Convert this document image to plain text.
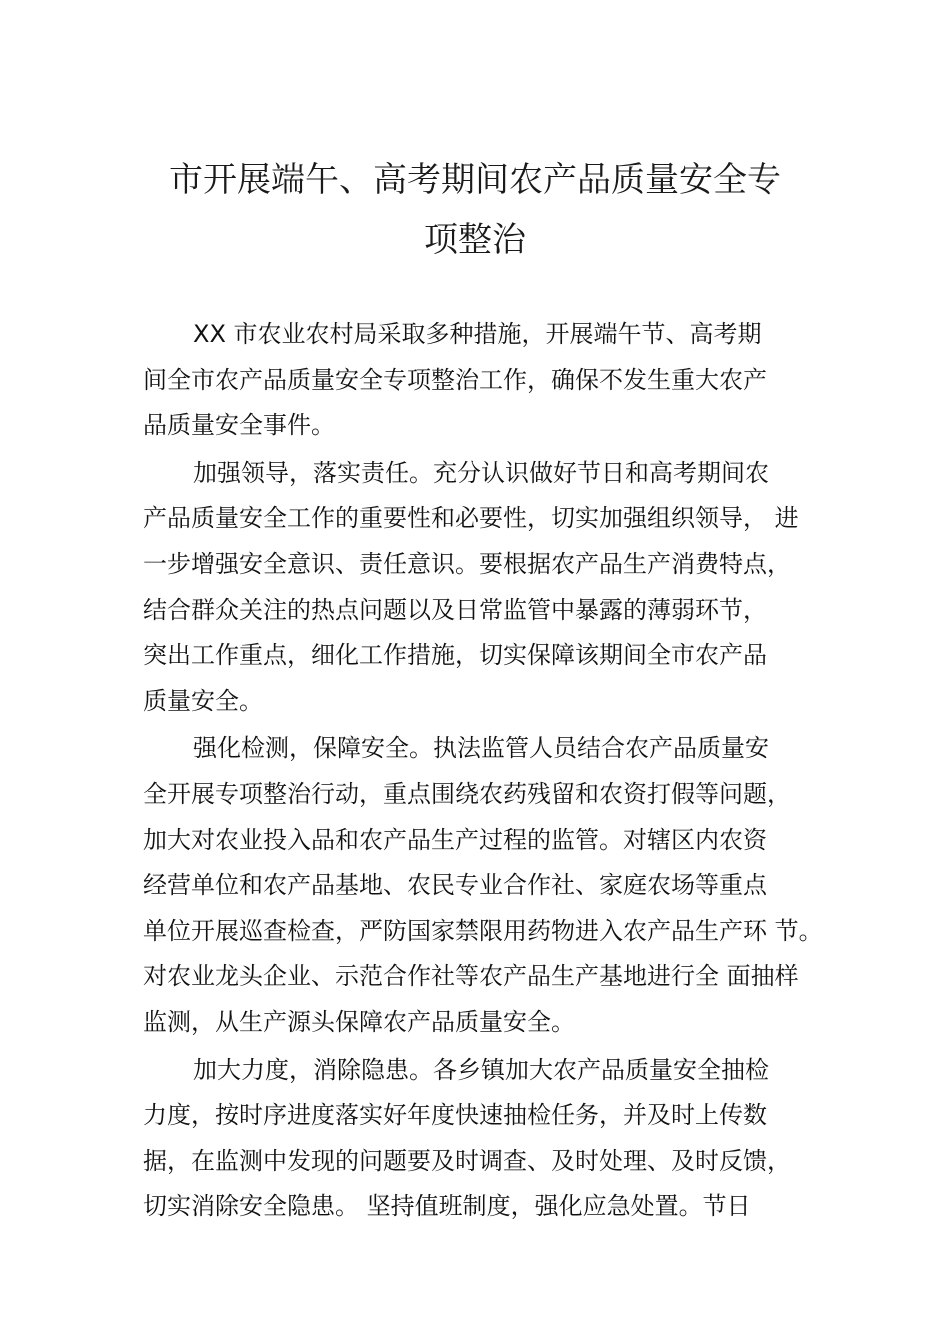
市开展端午、高考期间农产品质量安全专
项整治
XX 市农业农村局采取多种措施，开展端午节、高考期
间全市农产品质量安全专项整治工作，确保不发生重大农产
品质量安全事件。
加强领导，落实责任。充分认识做好节日和高考期间农
产品质量安全工作的重要性和必要性，切实加强组织领导， 进
一步增强安全意识、责任意识。要根据农产品生产消费特点，
结合群众关注的热点问题以及日常监管中暴露的薄弱环节，
突出工作重点，细化工作措施，切实保障该期间全市农产品
质量安全。
强化检测，保障安全。执法监管人员结合农产品质量安
全开展专项整治行动，重点围绕农药残留和农资打假等问题，
加大对农业投入品和农产品生产过程的监管。对辖区内农资
经营单位和农产品基地、农民专业合作社、家庭农场等重点
单位开展巡查检查，严防国家禁限用药物进入农产品生产环 节。
对农业龙头企业、示范合作社等农产品生产基地进行全 面抽样
监测，从生产源头保障农产品质量安全。
加大力度，消除隐患。各乡镇加大农产品质量安全抽检
力度，按时序进度落实好年度快速抽检任务，并及时上传数
据，在监测中发现的问题要及时调查、及时处理、及时反馈，
切实消除安全隐患。 坚持值班制度，强化应急处置。节日
